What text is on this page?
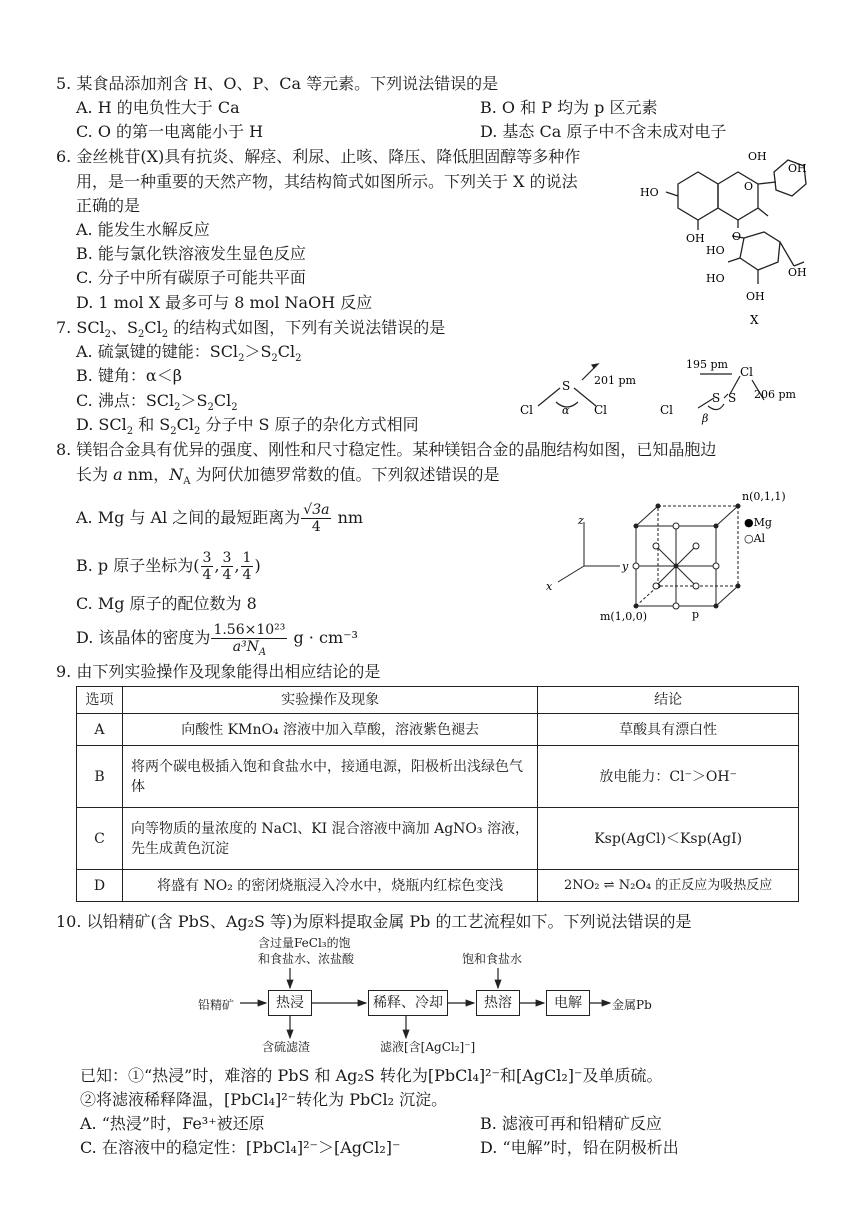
5. 某食品添加剂含 H、O、P、Ca 等元素。下列说法错误的是
A. H 的电负性大于 Ca	B. O 和 P 均为 p 区元素
C. O 的第一电离能小于 H	D. 基态 Ca 原子中不含未成对电子
6. 金丝桃苷(X)具有抗炎、解痉、利尿、止咳、降压、降低胆固醇等多种作
用，是一种重要的天然产物，其结构简式如图所示。下列关于 X 的说法
正确的是
A. 能发生水解反应
B. 能与氯化铁溶液发生显色反应
C. 分子中所有碳原子可能共平面
D. 1 mol X 最多可与 8 mol NaOH 反应
O
OH
OH
HO
OH O
HO
HO
OH
OH
X
7. SCl$_2$、$S_2Cl_2$ 的结构式如图，下列有关说法错误的是
A. 硫氯键的键能：$SCl_2>S_2Cl_2$
B. 键角：α＜β
C. 沸点：$SCl_2>S_2Cl_2$
D. SCl$_2$ 和 $S_2Cl_2$ 分子中 S 原子的杂化方式相同
S
Cl	Cl
α
201 pm
195 pm
206 pm
Cl
Cl
S S
β
8. 镁铝合金具有优异的强度、刚性和尺寸稳定性。某种镁铝合金的晶胞结构如图，已知晶胞边
长为 a nm，$N_A$ 为阿伏加德罗常数的值。下列叙述错误的是
A. Mg 与 Al 之间的最短距离为 $\frac{√3a}{4}$ nm
B. p 原子坐标为( $\frac{3}{4}$ , $\frac{3}{4}$ , $\frac{1}{4}$ )
C. Mg 原子的配位数为 8
D. 该晶体的密度为 $\frac{\text{1.56×10²³}}{a^3N_A}$ g · cm⁻³
z
y
x
n(0,1,1)
m(1,0,0)	p
●Mg
○Al
9. 由下列实验操作及现象能得出相应结论的是
选项	实验操作及现象	结论
A	向酸性 KMnO₄ 溶液中加入草酸，溶液紫色褪去	草酸具有漂白性
B	将两个碳电极插入饱和食盐水中，接通电源，阳极析出浅绿色气体	放电能力：Cl⁻＞OH⁻
C	向等物质的量浓度的 NaCl、KI 混合溶液中滴加 AgNO₃ 溶液，先生成黄色沉淀	Ksp(AgCl)＜Ksp(AgI)
D	将盛有 NO₂ 的密闭烧瓶浸入冷水中，烧瓶内红棕色变浅	2NO₂ ⇌ N₂O₄ 的正反应为吸热反应
10. 以铅精矿(含 PbS、Ag₂S 等)为原料提取金属 Pb 的工艺流程如下。下列说法错误的是
含过量FeCl₃的饱
和食盐水、浓盐酸	饱和食盐水
铅精矿	热浸	稀释、冷却	热溶	电解	金属Pb
含硫滤渣	滤液[含[AgCl₂]⁻]
已知：①“热浸”时，难溶的 PbS 和 Ag₂S 转化为[PbCl₄]²⁻和[AgCl₂]⁻及单质硫。
②将滤液稀释降温，[PbCl₄]²⁻转化为 PbCl₂ 沉淀。
A. “热浸”时，Fe³⁺被还原	B. 滤液可再和铅精矿反应
C. 在溶液中的稳定性：[PbCl₄]²⁻＞[AgCl₂]⁻	D. “电解”时，铅在阴极析出
